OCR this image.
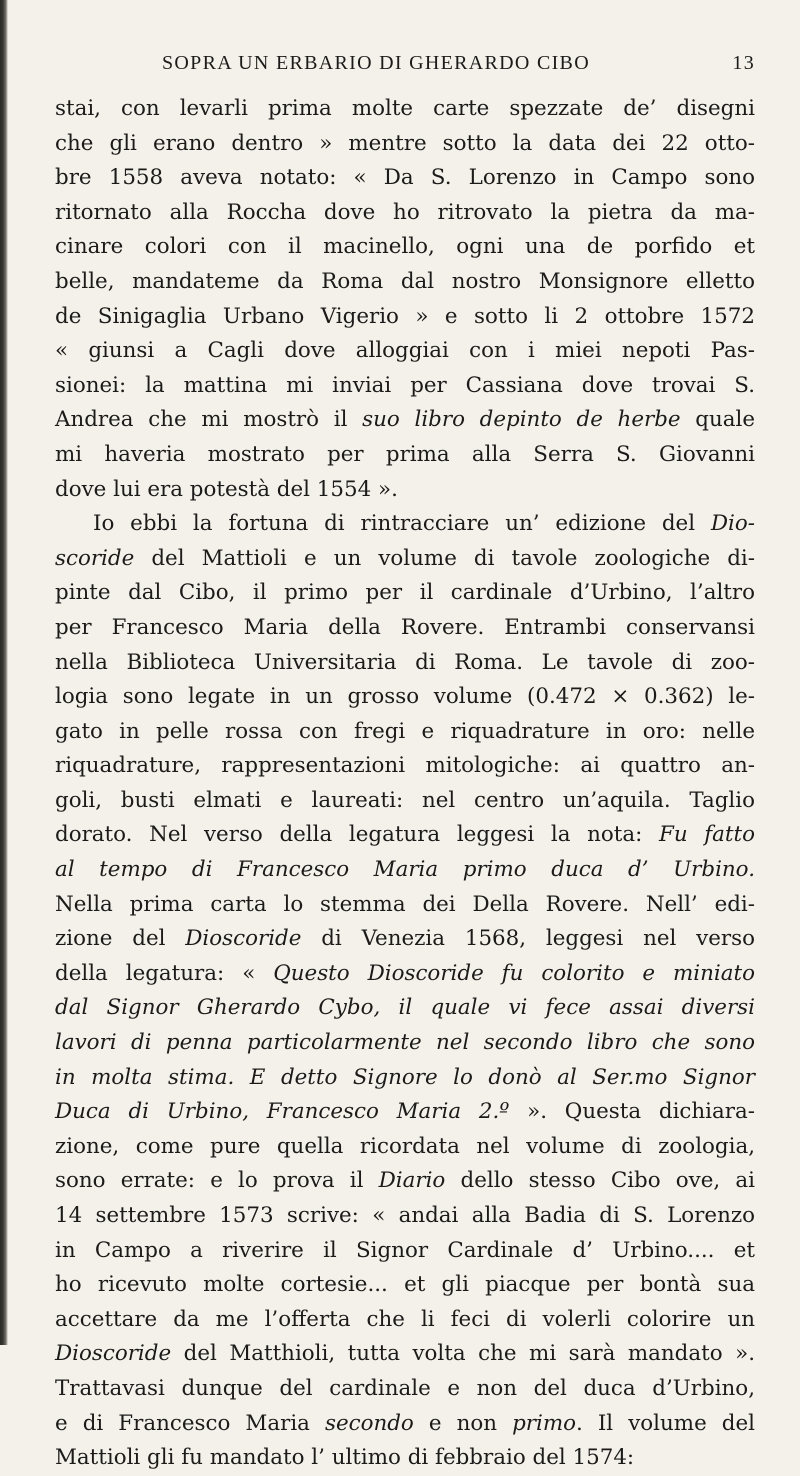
SOPRA UN ERBARIO DI GHERARDO CIBO	13
stai, con levarli prima molte carte spezzate de’ disegni
che gli erano dentro » mentre sotto la data dei 22 otto-
bre 1558 aveva notato: « Da S. Lorenzo in Campo sono
ritornato alla Roccha dove ho ritrovato la pietra da ma-
cinare colori con il macinello, ogni una de porfido et
belle, mandateme da Roma dal nostro Monsignore elletto
de Sinigaglia Urbano Vigerio » e sotto li 2 ottobre 1572
« giunsi a Cagli dove alloggiai con i miei nepoti Pas-
sionei: la mattina mi inviai per Cassiana dove trovai S.
Andrea che mi mostrò il suo libro depinto de herbe quale
mi haveria mostrato per prima alla Serra S. Giovanni
dove lui era potestà del 1554 ».
Io ebbi la fortuna di rintracciare un’ edizione del Dio-
scoride del Mattioli e un volume di tavole zoologiche di-
pinte dal Cibo, il primo per il cardinale d’Urbino, l’altro
per Francesco Maria della Rovere. Entrambi conservansi
nella Biblioteca Universitaria di Roma. Le tavole di zoo-
logia sono legate in un grosso volume (0.472 × 0.362) le-
gato in pelle rossa con fregi e riquadrature in oro: nelle
riquadrature, rappresentazioni mitologiche: ai quattro an-
goli, busti elmati e laureati: nel centro un’aquila. Taglio
dorato. Nel verso della legatura leggesi la nota: Fu fatto
al tempo di Francesco Maria primo duca d’ Urbino.
Nella prima carta lo stemma dei Della Rovere. Nell’ edi-
zione del Dioscoride di Venezia 1568, leggesi nel verso
della legatura: « Questo Dioscoride fu colorito e miniato
dal Signor Gherardo Cybo, il quale vi fece assai diversi
lavori di penna particolarmente nel secondo libro che sono
in molta stima. E detto Signore lo donò al Ser.mo Signor
Duca di Urbino, Francesco Maria 2.º ». Questa dichiara-
zione, come pure quella ricordata nel volume di zoologia,
sono errate: e lo prova il Diario dello stesso Cibo ove, ai
14 settembre 1573 scrive: « andai alla Badia di S. Lorenzo
in Campo a riverire il Signor Cardinale d’ Urbino.... et
ho ricevuto molte cortesie... et gli piacque per bontà sua
accettare da me l’offerta che li feci di volerli colorire un
Dioscoride del Matthioli, tutta volta che mi sarà mandato ».
Trattavasi dunque del cardinale e non del duca d’Urbino,
e di Francesco Maria secondo e non primo. Il volume del
Mattioli gli fu mandato l’ ultimo di febbraio del 1574:
